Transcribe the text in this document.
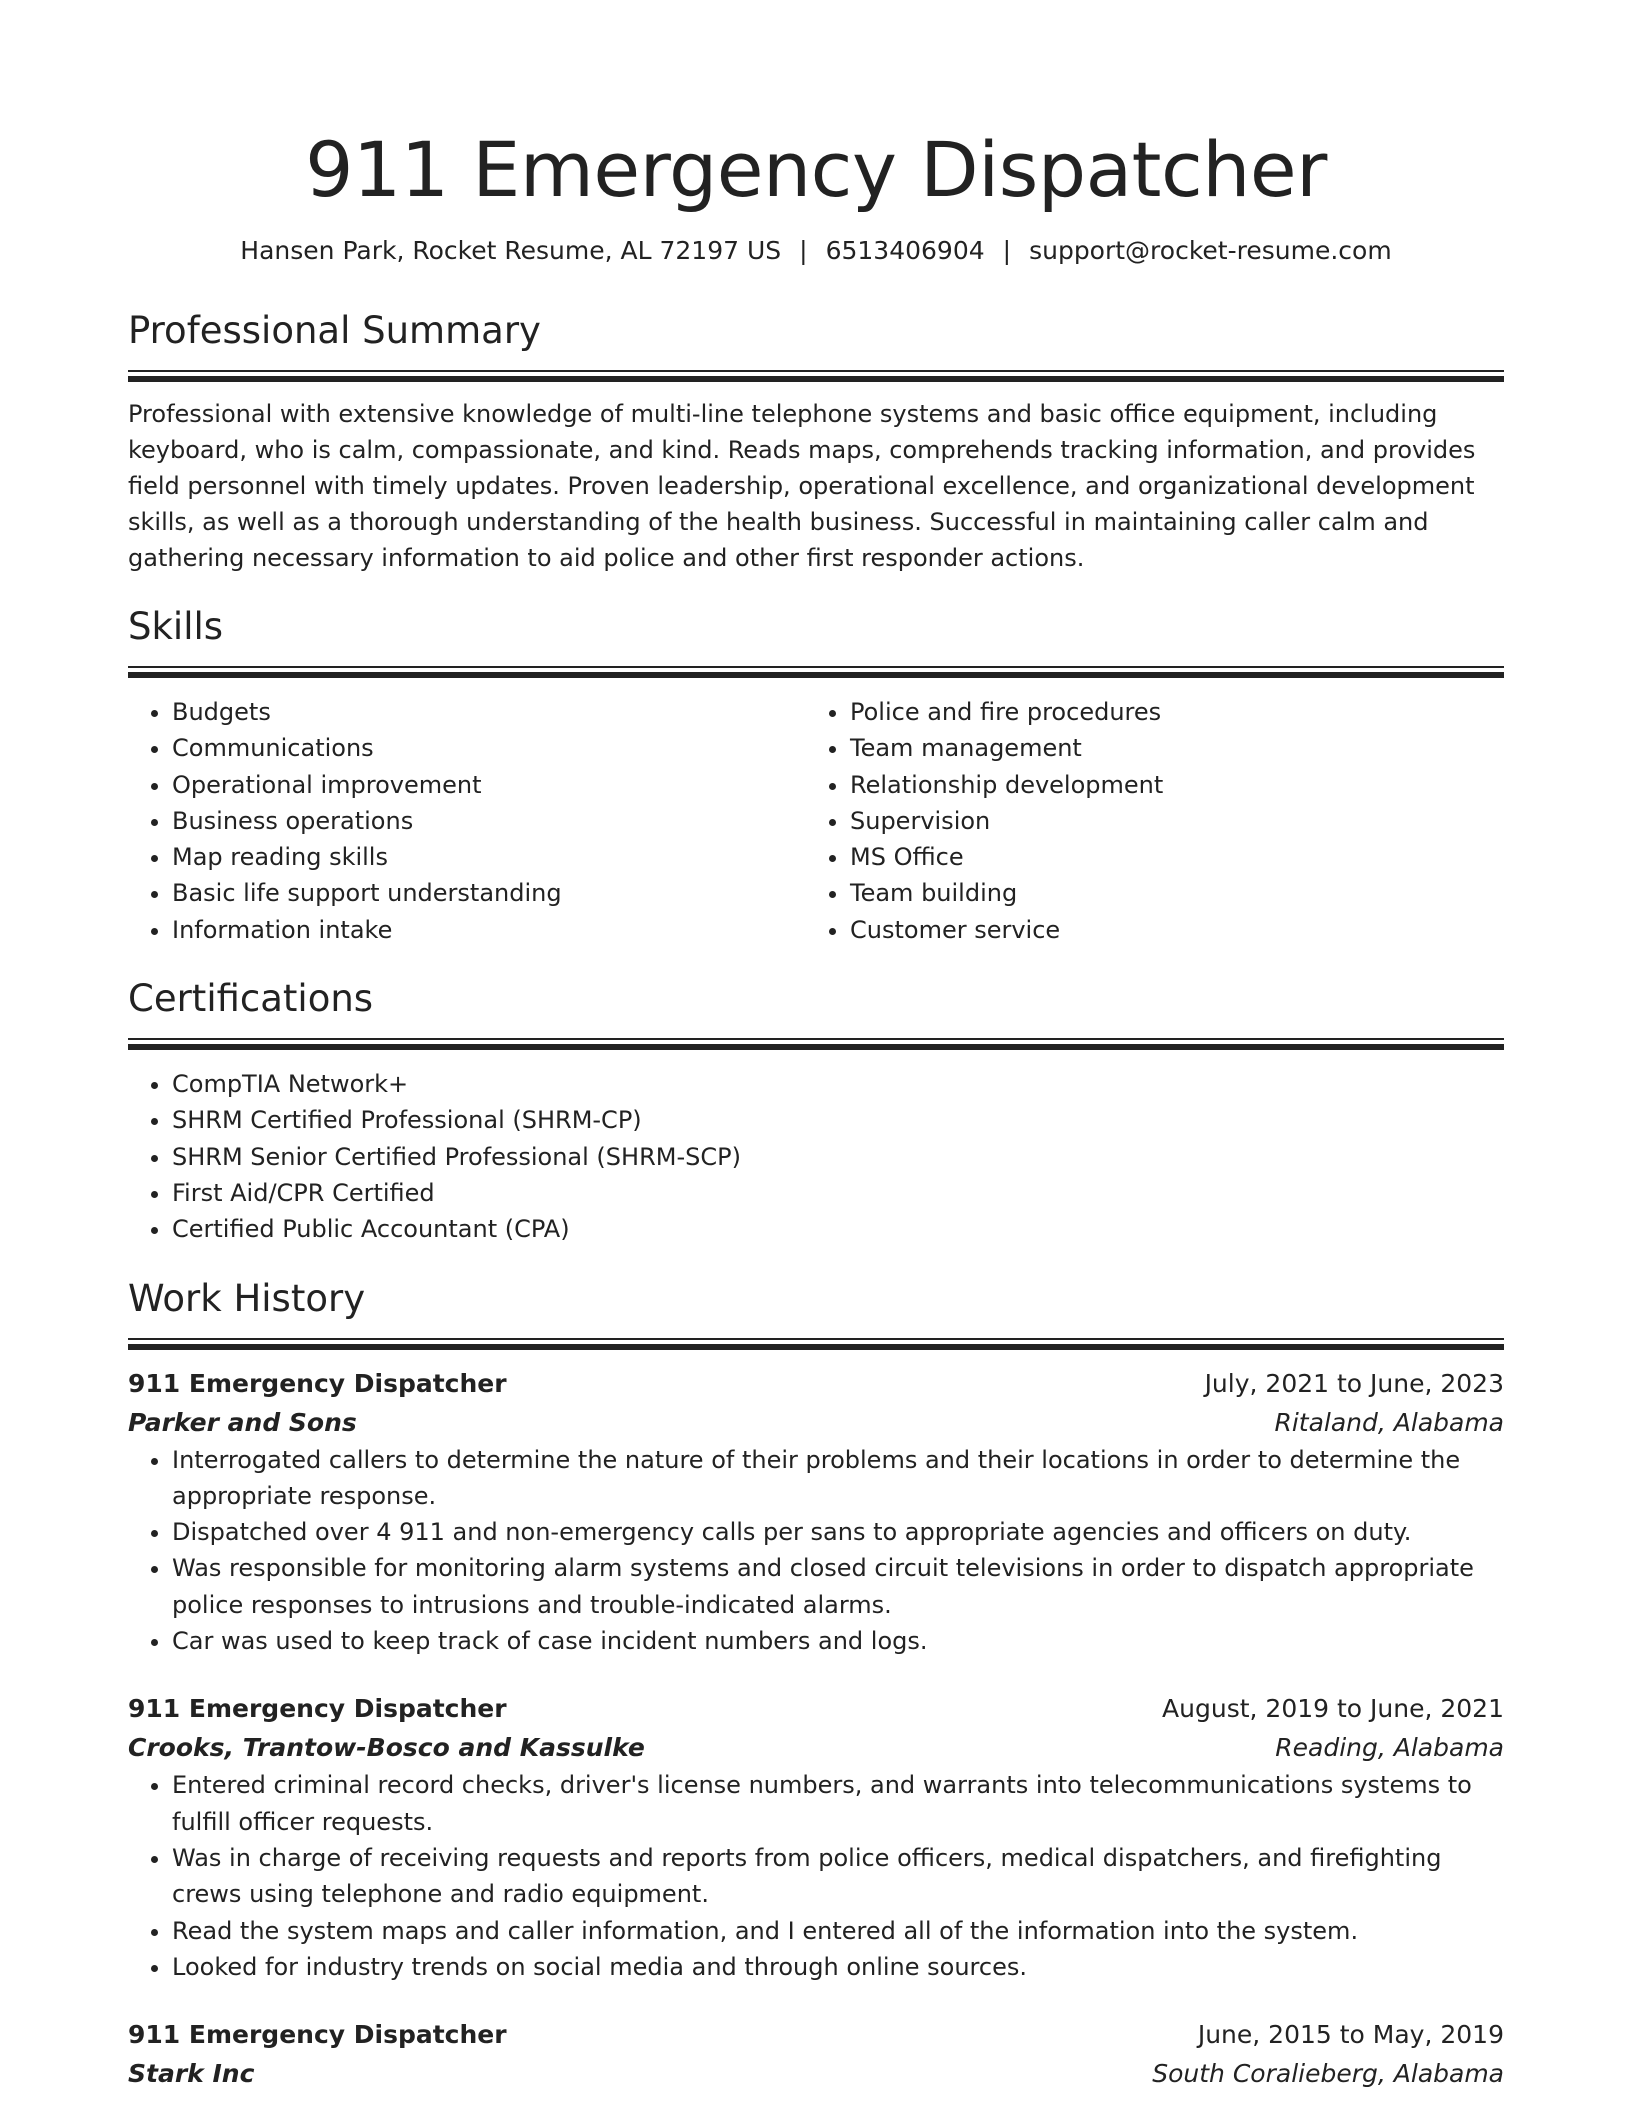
911 Emergency Dispatcher
Hansen Park, Rocket Resume, AL 72197 US | 6513406904 | support@rocket-resume.com
Professional Summary
Professional with extensive knowledge of multi-line telephone systems and basic office equipment, including keyboard, who is calm, compassionate, and kind. Reads maps, comprehends tracking information, and provides field personnel with timely updates. Proven leadership, operational excellence, and organizational development skills, as well as a thorough understanding of the health business. Successful in maintaining caller calm and gathering necessary information to aid police and other first responder actions.
Skills
• Budgets
• Communications
• Operational improvement
• Business operations
• Map reading skills
• Basic life support understanding
• Information intake
• Police and fire procedures
• Team management
• Relationship development
• Supervision
• MS Office
• Team building
• Customer service
Certifications
• CompTIA Network+
• SHRM Certified Professional (SHRM-CP)
• SHRM Senior Certified Professional (SHRM-SCP)
• First Aid/CPR Certified
• Certified Public Accountant (CPA)
Work History
911 Emergency Dispatcher	July, 2021 to June, 2023
Parker and Sons	Ritaland, Alabama
• Interrogated callers to determine the nature of their problems and their locations in order to determine the appropriate response.
• Dispatched over 4 911 and non-emergency calls per sans to appropriate agencies and officers on duty.
• Was responsible for monitoring alarm systems and closed circuit televisions in order to dispatch appropriate police responses to intrusions and trouble-indicated alarms.
• Car was used to keep track of case incident numbers and logs.
911 Emergency Dispatcher	August, 2019 to June, 2021
Crooks, Trantow-Bosco and Kassulke	Reading, Alabama
• Entered criminal record checks, driver's license numbers, and warrants into telecommunications systems to fulfill officer requests.
• Was in charge of receiving requests and reports from police officers, medical dispatchers, and firefighting crews using telephone and radio equipment.
• Read the system maps and caller information, and I entered all of the information into the system.
• Looked for industry trends on social media and through online sources.
911 Emergency Dispatcher	June, 2015 to May, 2019
Stark Inc	South Coralieberg, Alabama
